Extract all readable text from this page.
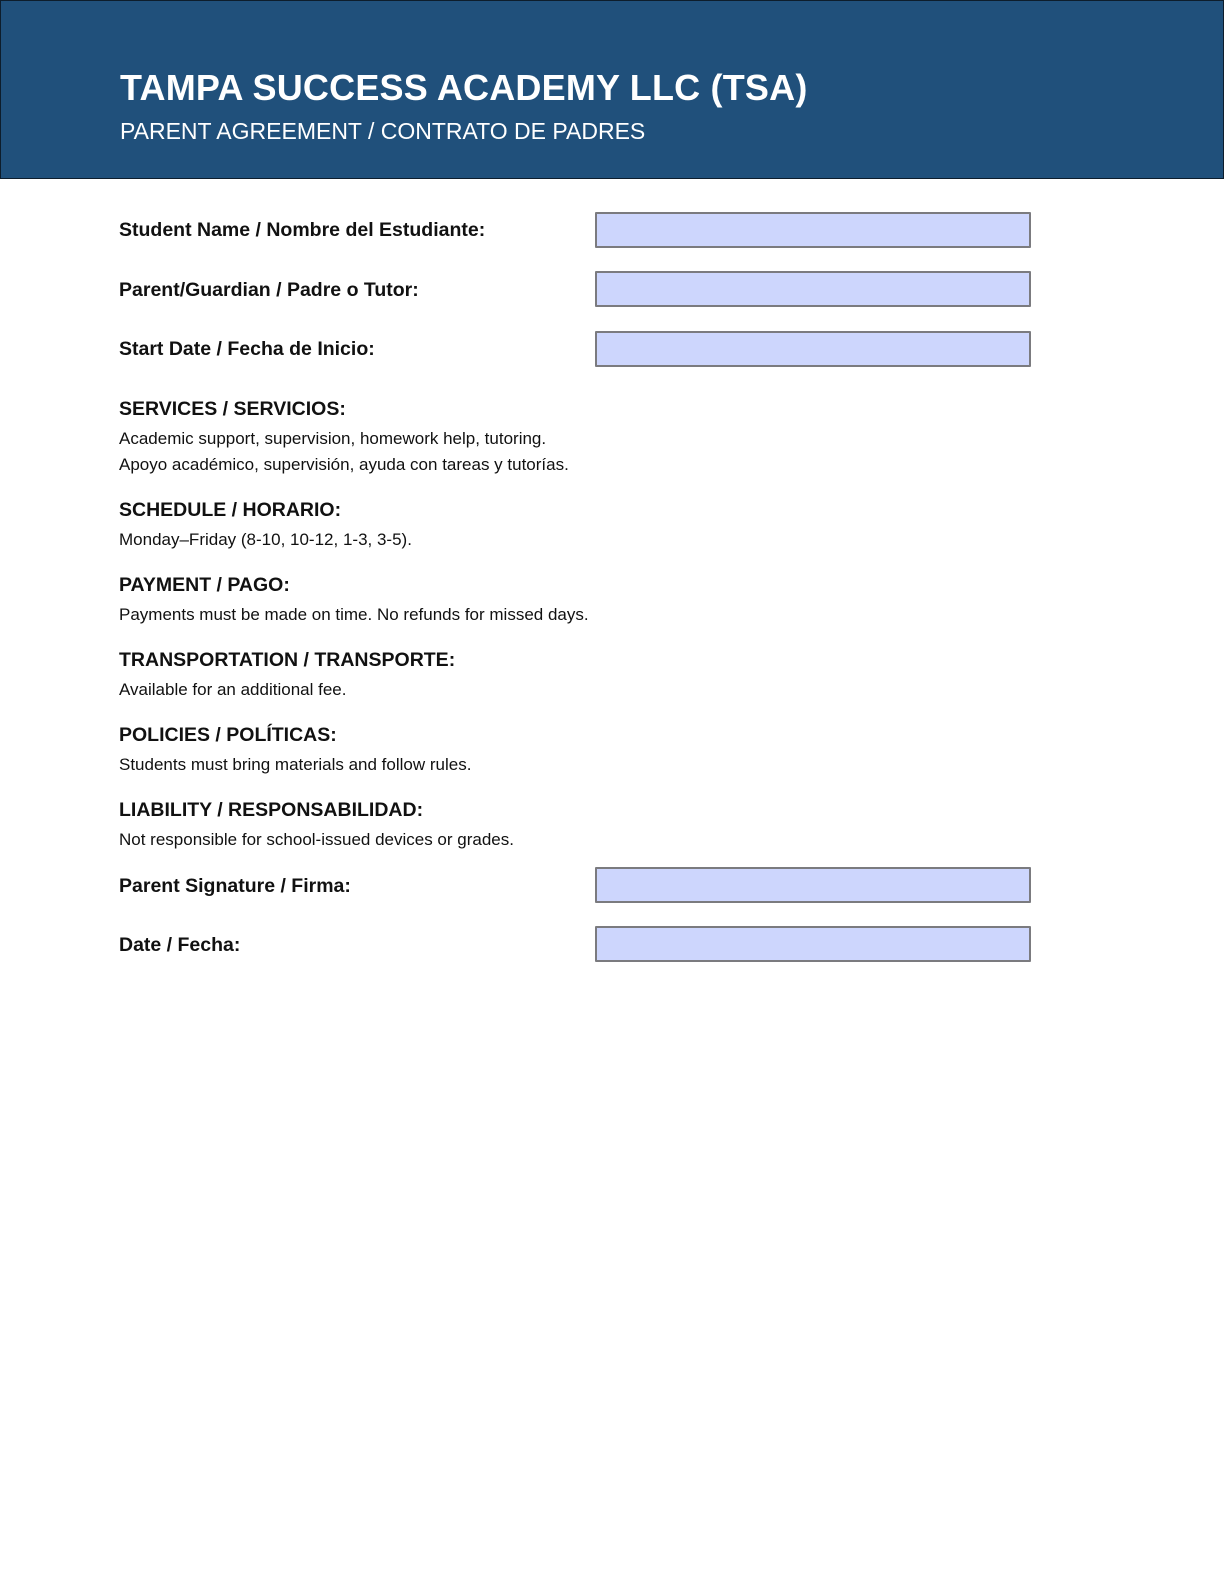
TAMPA SUCCESS ACADEMY LLC (TSA)
PARENT AGREEMENT / CONTRATO DE PADRES
Student Name / Nombre del Estudiante:
Parent/Guardian / Padre o Tutor:
Start Date / Fecha de Inicio:
SERVICES / SERVICIOS:
Academic support, supervision, homework help, tutoring.
Apoyo académico, supervisión, ayuda con tareas y tutorías.
SCHEDULE / HORARIO:
Monday–Friday (8-10, 10-12, 1-3, 3-5).
PAYMENT / PAGO:
Payments must be made on time. No refunds for missed days.
TRANSPORTATION / TRANSPORTE:
Available for an additional fee.
POLICIES / POLÍTICAS:
Students must bring materials and follow rules.
LIABILITY / RESPONSABILIDAD:
Not responsible for school-issued devices or grades.
Parent Signature / Firma:
Date / Fecha:
